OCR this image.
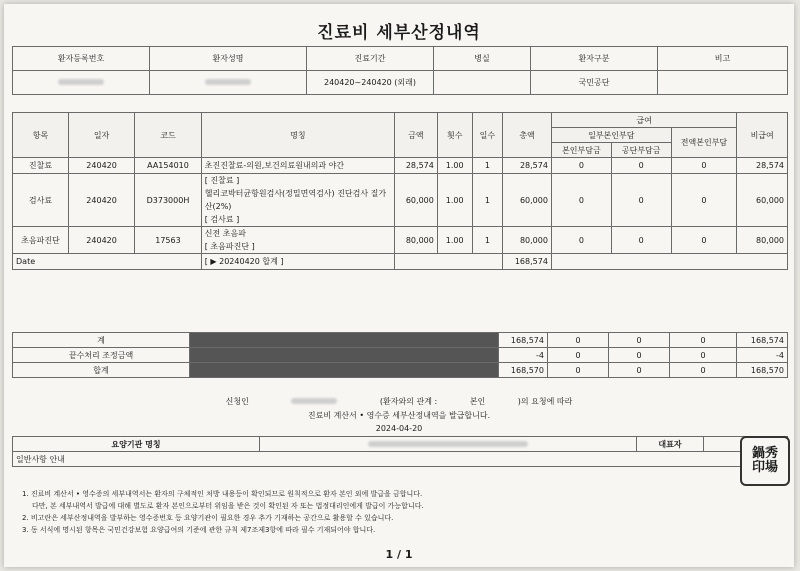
진료비 세부산정내역
환자등록번호	환자성명	진료기간	병실	환자구분	비고
		240420~240420 (외래)		국민공단	
항목	일자	코드	명칭	금액	횟수	일수	총액	급여			비급여
								일부본인부담		전액본인부담	
								본인부담금	공단부담금		
진찰료	240420	AA154010	초진진찰료-의원,보건의료원내의과 야간	28,574	1.00	1	28,574	0	0	0	28,574
검사료	240420	D373000H	[ 진찰료 ]
헬리코박터균항원검사(정밀면역검사) 진단검사 질가산(2%)
[ 검사료 ]	60,000	1.00	1	60,000	0	0	0	60,000
초음파진단	240420	17563	신전 초음파
[ 초음파진단 ]	80,000	1.00	1	80,000	0	0	0	80,000
Date			[ ▶ 20240420 합계 ]				168,574				
계		168,574	0	0	0	168,574
끝수처리 조정금액		-4	0	0	0	-4
합계		168,570	0	0	0	168,570
신청인	(환자와의 관계 :	본인	)의 요청에 따라
진료비 계산서 • 영수증 세부산정내역을 발급합니다.
2024-04-20
요양기관 명칭		대표자	
일반사항 안내	鍋秀
印場
1. 진료비 계산서 • 영수증의 세부내역서는 환자의 구체적인 처방 내용등이 확인되므로 원칙적으로 환자 본인 외에 발급을 금합니다.
다만, 본 세부내역서 발급에 대해 별도로 환자 본인으로부터 위임을 받은 것이 확인된 자 또는 법정대리인에게 발급이 가능합니다.
2. 비고란은 세부산정내역을 발부하는 영수증번호 등 요양기관이 필요한 경우 추가 기재하는 공간으로 활용할 수 있습니다.
3. 동 서식에 명시된 항목은 국민건강보험 요양급여의 기준에 관한 규칙 제7조제3항에 따라 필수 기재되어야 합니다.
1 / 1
